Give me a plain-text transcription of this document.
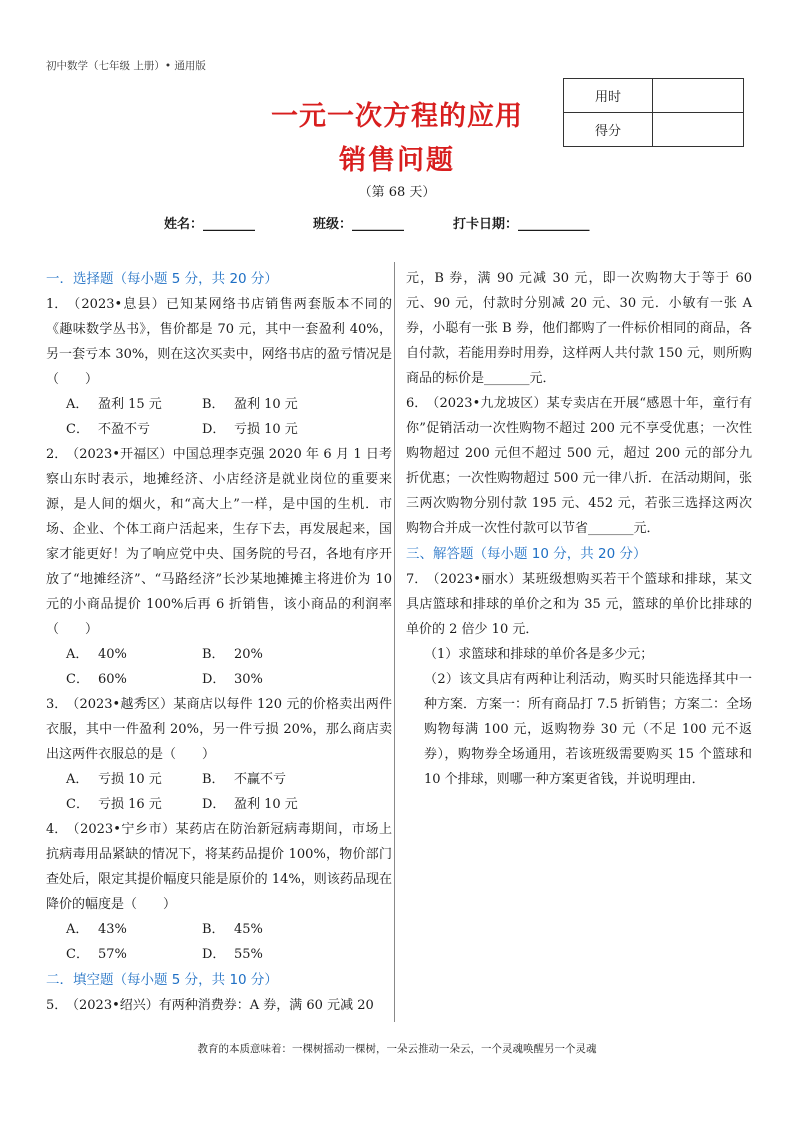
初中数学（七年级 上册）• 通用版
用时	
得分	
一元一次方程的应用
销售问题
（第 68 天）
姓名：________	班级：________	打卡日期：___________
一．选择题（每小题 5 分，共 20 分）

1．（2023•息县）已知某网络书店销售两套版本不同的《趣味数学丛书》，售价都是 70 元，其中一套盈利 40%，另一套亏本 30%，则在这次买卖中，网络书店的盈亏情况是（　　）

A． 盈利 15 元	B． 盈利 10 元
C． 不盈不亏	D． 亏损 10 元

2．（2023•开福区）中国总理李克强 2020 年 6 月 1 日考察山东时表示，地摊经济、小店经济是就业岗位的重要来源，是人间的烟火，和“高大上”一样，是中国的生机．市场、企业、个体工商户活起来，生存下去，再发展起来，国家才能更好！为了响应党中央、国务院的号召，各地有序开放了“地摊经济”、“马路经济”长沙某地摊摊主将进价为 10 元的小商品提价 100%后再 6 折销售，该小商品的利润率（　　）

A． 40%	B． 20%
C． 60%	D． 30%

3．（2023•越秀区）某商店以每件 120 元的价格卖出两件衣服，其中一件盈利 20%，另一件亏损 20%，那么商店卖出这两件衣服总的是（　　）

A． 亏损 10 元	B． 不赢不亏
C． 亏损 16 元	D． 盈利 10 元

4．（2023•宁乡市）某药店在防治新冠病毒期间，市场上抗病毒用品紧缺的情况下，将某药品提价 100%，物价部门查处后，限定其提价幅度只能是原价的 14%，则该药品现在降价的幅度是（　　）

A． 43%	B． 45%
C． 57%	D． 55%
二．填空题（每小题 5 分，共 10 分）

5．（2023•绍兴）有两种消费券：A 券，满 60 元减 20

元，B 券，满 90 元减 30 元，即一次购物大于等于 60 元、90 元，付款时分别减 20 元、30 元．小敏有一张 A 券，小聪有一张 B 券，他们都购了一件标价相同的商品，各自付款，若能用券时用券，这样两人共付款 150 元，则所购商品的标价是_______元．

6．（2023•九龙坡区）某专卖店在开展“感恩十年，童行有你”促销活动一次性购物不超过 200 元不享受优惠；一次性购物超过 200 元但不超过 500 元，超过 200 元的部分九折优惠；一次性购物超过 500 元一律八折．在活动期间，张三两次购物分别付款 195 元、452 元，若张三选择这两次购物合并成一次性付款可以节省_______元．

三、解答题（每小题 10 分，共 20 分）

7．（2023•丽水）某班级想购买若干个篮球和排球，某文具店篮球和排球的单价之和为 35 元，篮球的单价比排球的单价的 2 倍少 10 元．

（1）求篮球和排球的单价各是多少元；

（2）该文具店有两种让利活动，购买时只能选择其中一种方案．方案一：所有商品打 7.5 折销售；方案二：全场购物每满 100 元，返购物券 30 元（不足 100 元不返券），购物券全场通用，若该班级需要购买 15 个篮球和 10 个排球，则哪一种方案更省钱，并说明理由．

教育的本质意味着：一棵树摇动一棵树，一朵云推动一朵云，一个灵魂唤醒另一个灵魂
